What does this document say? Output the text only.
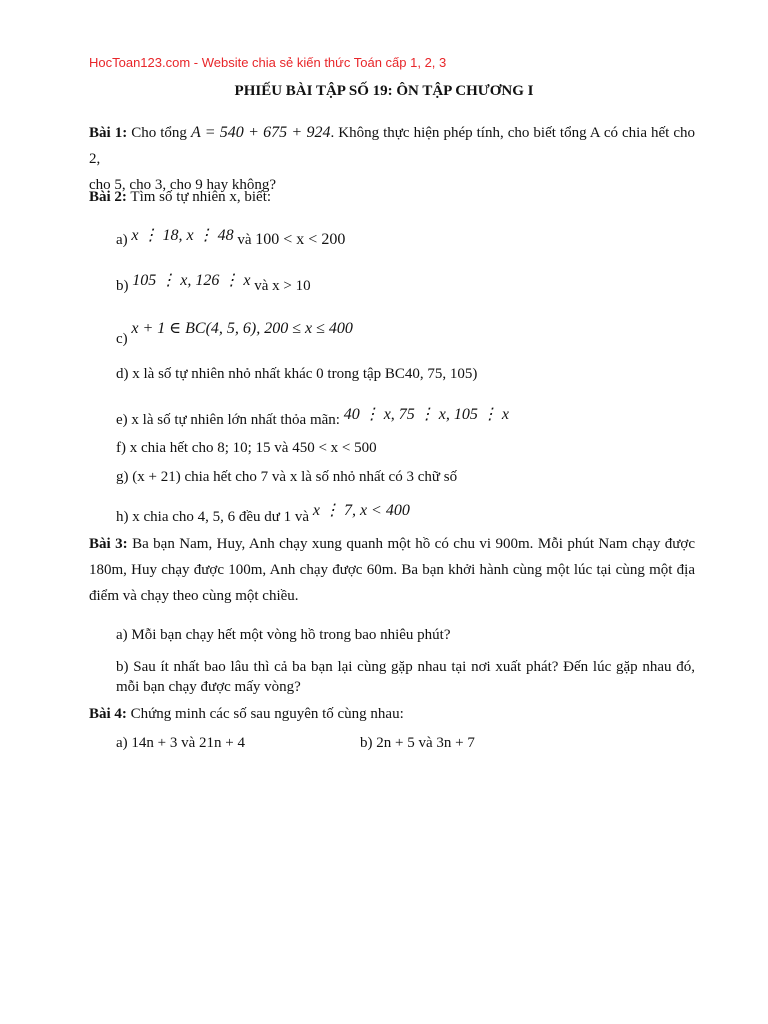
HocToan123.com - Website chia sẻ kiến thức Toán cấp 1, 2, 3
PHIẾU BÀI TẬP SỐ 19: ÔN TẬP CHƯƠNG I
Bài 1: Cho tổng A = 540 + 675 + 924. Không thực hiện phép tính, cho biết tổng A có chia hết cho 2,
cho 5, cho 3, cho 9 hay không?
Bài 2: Tìm số tự nhiên x, biết:
a) x ⋮ 18, x ⋮ 48 và 100 < x < 200
b) 105 ⋮ x, 126 ⋮ x và x > 10
c) x + 1 ∈ BC(4, 5, 6), 200 ≤ x ≤ 400
d) x là số tự nhiên nhỏ nhất khác 0 trong tập BC40, 75, 105)
e) x là số tự nhiên lớn nhất thỏa mãn: 40 ⋮ x, 75 ⋮ x, 105 ⋮ x
f) x chia hết cho 8; 10; 15 và 450 < x < 500
g) (x + 21) chia hết cho 7 và x là số nhỏ nhất có 3 chữ số
h) x chia cho 4, 5, 6 đều dư 1 và x ⋮ 7, x < 400
Bài 3: Ba bạn Nam, Huy, Anh chạy xung quanh một hồ có chu vi 900m. Mỗi phút Nam chạy được 180m, Huy chạy được 100m, Anh chạy được 60m. Ba bạn khởi hành cùng một lúc tại cùng một địa điểm và chạy theo cùng một chiều.
a) Mỗi bạn chạy hết một vòng hồ trong bao nhiêu phút?
b) Sau ít nhất bao lâu thì cả ba bạn lại cùng gặp nhau tại nơi xuất phát? Đến lúc gặp nhau đó, mỗi bạn chạy được mấy vòng?
Bài 4: Chứng minh các số sau nguyên tố cùng nhau:
a) 14n + 3 và 21n + 4	b) 2n + 5 và 3n + 7
